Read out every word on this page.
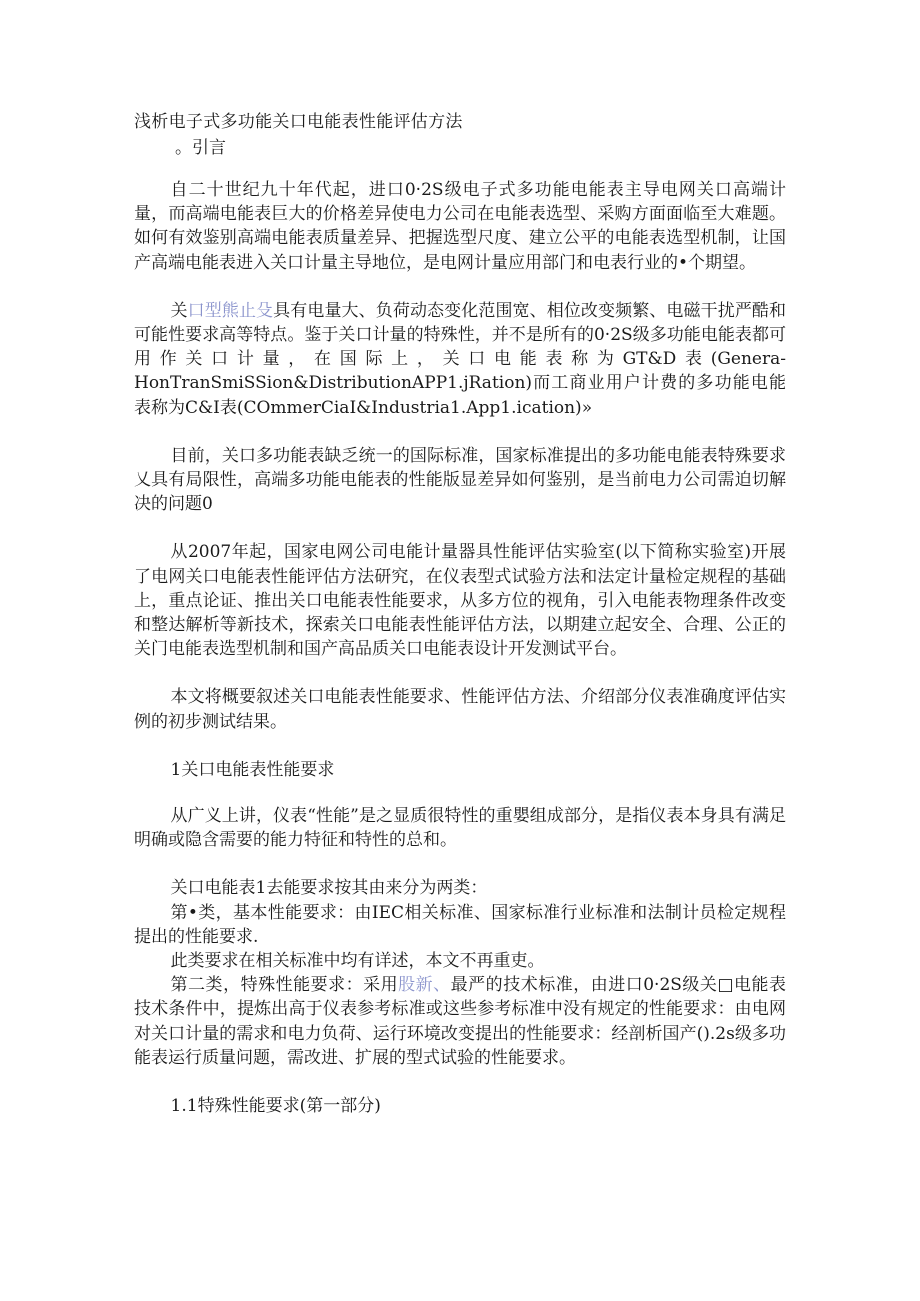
浅析电子式多功能关口电能表性能评估方法
。引言

自二十世纪九十年代起，进口0·2S级电子式多功能电能表主导电网关口高端计量，而高端电能表巨大的价格差异使电力公司在电能表选型、采购方面面临至大难题。如何有效鉴别高端电能表质量差异、把握选型尺度、建立公平的电能表选型机制，让国产高端电能表进入关口计量主导地位，是电网计量应用部门和电表行业的•个期望。

关口型熊止殳具有电量大、负荷动态变化范围宽、相位改变频繁、电磁干扰严酷和可能性要求高等特点。鉴于关口计量的特殊性，并不是所有的0·2S级多功能电能表都可用作关口计量，在国际上，关口电能表称为GT&D表(Genera- HonTranSmiSSion&DistributionAPP1.jRation)而工商业用户计费的多功能电能表称为C&I表(COmmerCiaI&Industria1.App1.ication)»

目前，关口多功能表缺乏统一的国际标准，国家标准提出的多功能电能表特殊要求乂具有局限性，高端多功能电能表的性能版显差异如何鉴别，是当前电力公司需迫切解决的问题0

从2007年起，国家电网公司电能计量器具性能评估实验室(以下简称实验室)开展了电网关口电能表性能评估方法研究，在仪表型式试验方法和法定计量检定规程的基础上，重点论证、推出关口电能表性能要求，从多方位的视角，引入电能表物理条件改变和整达解析等新技术，探索关口电能表性能评估方法，以期建立起安全、合理、公正的关门电能表选型机制和国产高品质关口电能表设计开发测试平台。

本文将概要叙述关口电能表性能要求、性能评估方法、介绍部分仪表准确度评估实例的初步测试结果。

1关口电能表性能要求

从广义上讲，仪表“性能”是之显质很特性的重嬰组成部分，是指仪表本身具有满足明确或隐含需要的能力特征和特性的总和。

关口电能表1去能要求按其由来分为两类：

第•类，基本性能要求：由IEC相关标准、国家标准行业标准和法制计员检定规程提出的性能要求.

此类要求在相关标准中均有详述，本文不再重吏。

第二类，特殊性能要求：采用股新、最严的技术标准，由进口0·2S级关□电能表技术条件中，提炼出高于仪表参考标准或这些参考标准中没有规定的性能要求：由电网对关口计量的需求和电力负荷、运行环境改变提出的性能要求：经剖析国产().2s级多功能表运行质量问题，需改进、扩展的型式试验的性能要求。

1.1特殊性能要求(第一部分)
